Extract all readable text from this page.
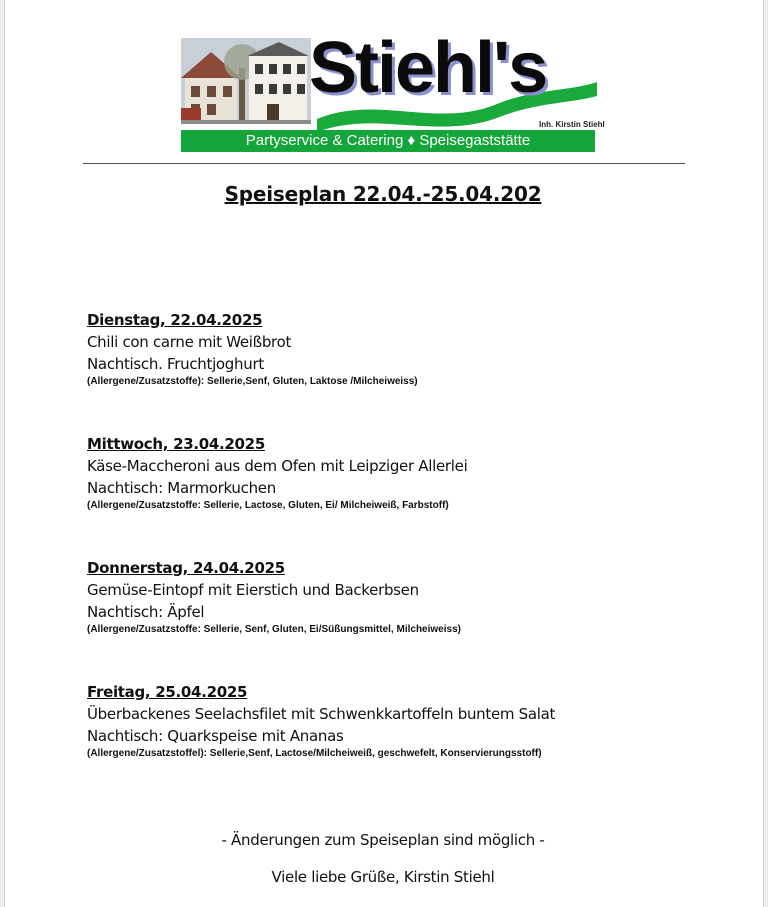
Stiehl's
Inh. Kirstin Stiehl
Partyservice & Catering ♦ Speisegaststätte
Speiseplan 22.04.-25.04.202
Dienstag, 22.04.2025
Chili con carne mit Weißbrot
Nachtisch. Fruchtjoghurt
(Allergene/Zusatzstoffe): Sellerie,Senf, Gluten, Laktose /Milcheiweiss)
Mittwoch, 23.04.2025
Käse-Maccheroni aus dem Ofen mit Leipziger Allerlei
Nachtisch: Marmorkuchen
(Allergene/Zusatzstoffe: Sellerie, Lactose, Gluten, Ei/ Milcheiweiß, Farbstoff)
Donnerstag, 24.04.2025
Gemüse-Eintopf mit Eierstich und Backerbsen
Nachtisch: Äpfel
(Allergene/Zusatzstoffe: Sellerie, Senf, Gluten, Ei/Süßungsmittel, Milcheiweiss)
Freitag, 25.04.2025
Überbackenes Seelachsfilet mit Schwenkkartoffeln buntem Salat
Nachtisch: Quarkspeise mit Ananas
(Allergene/Zusatzstoffel): Sellerie,Senf, Lactose/Milcheiweiß, geschwefelt, Konservierungsstoff)
- Änderungen zum Speiseplan sind möglich -
Viele liebe Grüße, Kirstin Stiehl
